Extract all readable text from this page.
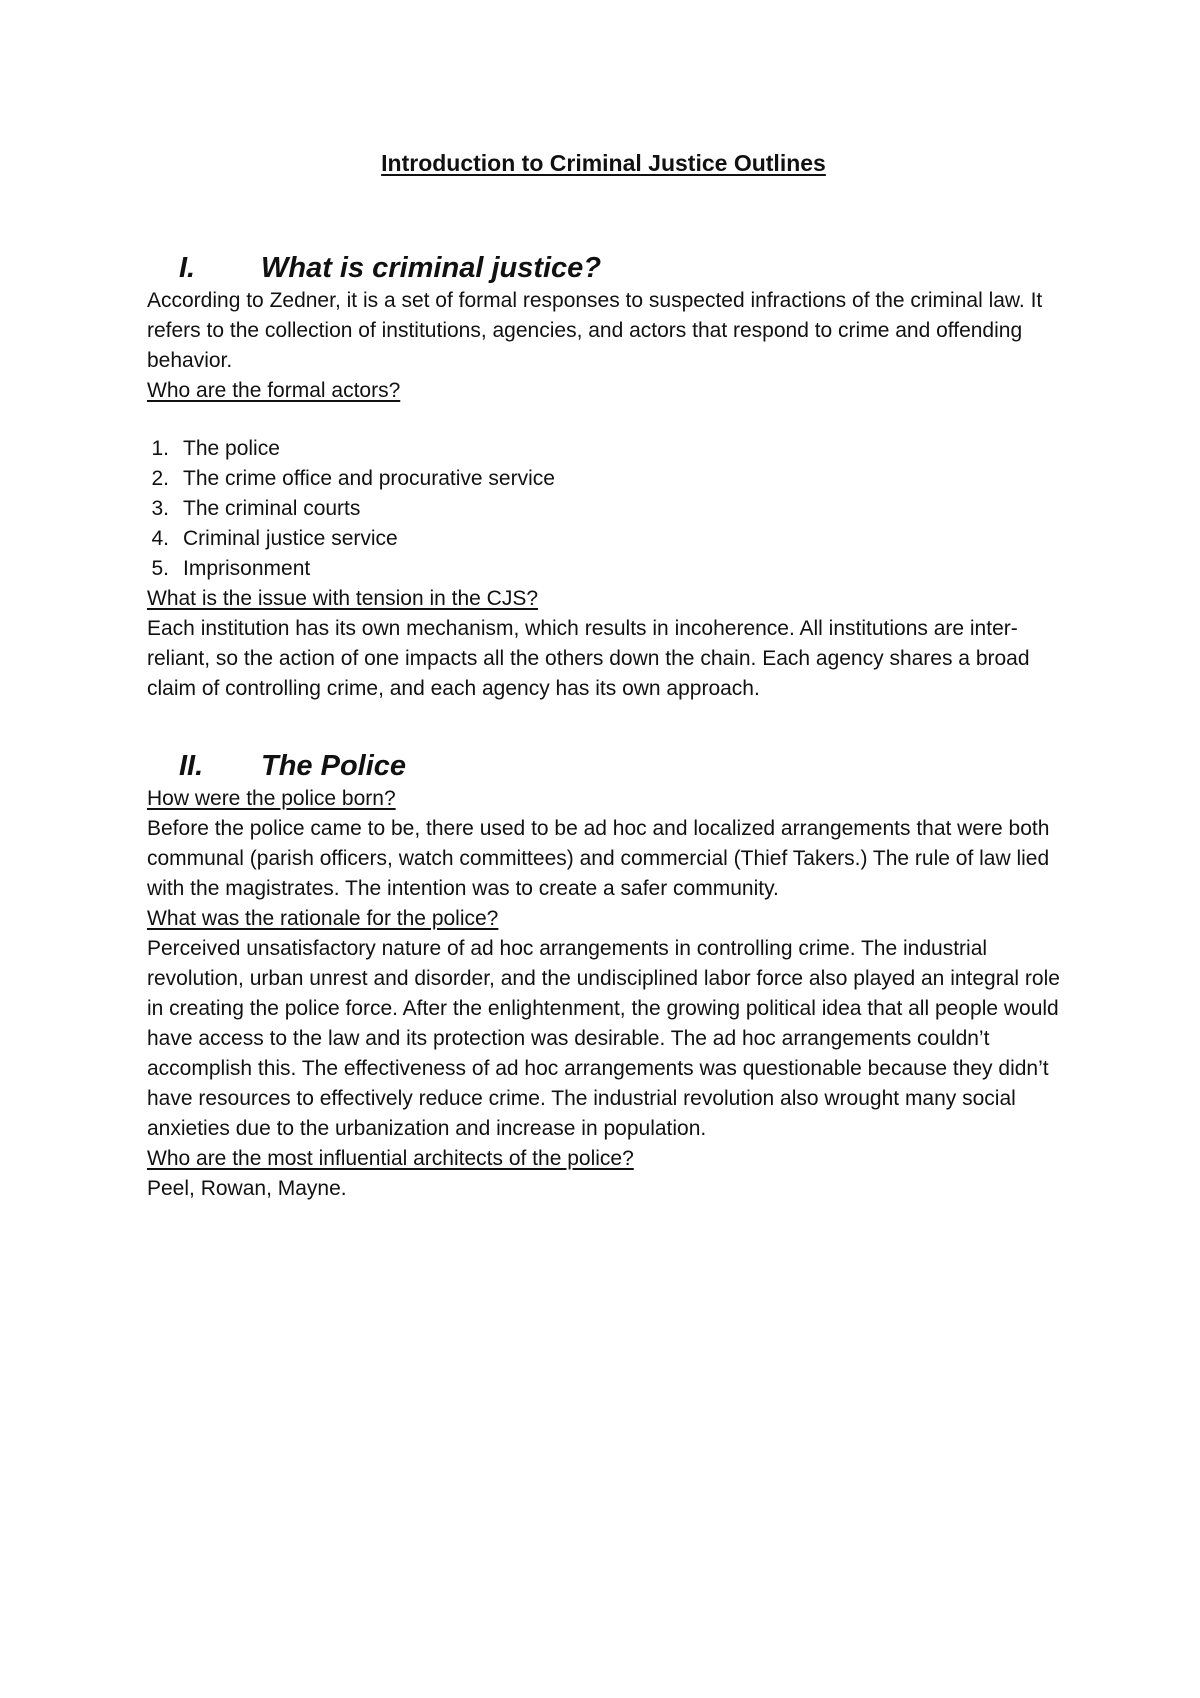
Introduction to Criminal Justice Outlines
I.	What is criminal justice?

According to Zedner, it is a set of formal responses to suspected infractions of the criminal law. It refers to the collection of institutions, agencies, and actors that respond to crime and offending behavior.

Who are the formal actors?

1. The police
2. The crime office and procurative service
3. The criminal courts
4. Criminal justice service
5. Imprisonment

What is the issue with tension in the CJS?

Each institution has its own mechanism, which results in incoherence. All institutions are inter-reliant, so the action of one impacts all the others down the chain. Each agency shares a broad claim of controlling crime, and each agency has its own approach.

II.	The Police

How were the police born?

Before the police came to be, there used to be ad hoc and localized arrangements that were both communal (parish officers, watch committees) and commercial (Thief Takers.) The rule of law lied with the magistrates. The intention was to create a safer community.

What was the rationale for the police?

Perceived unsatisfactory nature of ad hoc arrangements in controlling crime. The industrial revolution, urban unrest and disorder, and the undisciplined labor force also played an integral role in creating the police force. After the enlightenment, the growing political idea that all people would have access to the law and its protection was desirable. The ad hoc arrangements couldn’t accomplish this. The effectiveness of ad hoc arrangements was questionable because they didn’t have resources to effectively reduce crime. The industrial revolution also wrought many social anxieties due to the urbanization and increase in population.

Who are the most influential architects of the police?

Peel, Rowan, Mayne.
